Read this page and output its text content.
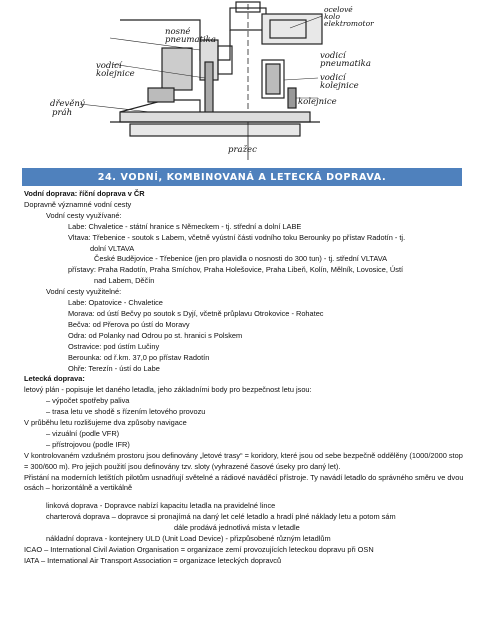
nosné pneumatika
vodicí kolejnice
dřevěný práh
ocelové kolo elektromotor
vodicí pneumatika
vodicí kolejnice
kolejnice
pražec
24. VODNÍ, KOMBINOVANÁ A LETECKÁ DOPRAVA.
Vodní doprava: říční doprava v ČR
Dopravně významné vodní cesty
Vodní cesty využívané:
Labe: Chvaletice - státní hranice s Německem - tj. střední a dolní LABE
Vltava: Třebenice - soutok s Labem, včetně vyústní části vodního toku Berounky po přístav Radotín - tj.
dolní VLTAVA
České Budějovice - Třebenice (jen pro plavidla o nosnosti do 300 tun) - tj. střední VLTAVA
přístavy: Praha Radotín, Praha Smíchov, Praha Holešovice, Praha Libeň, Kolín, Mělník, Lovosice, Ústí
nad Labem, Děčín
Vodní cesty využitelné:
Labe: Opatovice - Chvaletice
Morava: od ústí Bečvy po soutok s Dyjí, včetně průplavu Otrokovice - Rohatec
Bečva: od Přerova po ústí do Moravy
Odra: od Polanky nad Odrou po st. hranici s Polskem
Ostravice: pod ústím Lučiny
Berounka: od ř.km. 37,0 po přístav Radotín
Ohře: Terezín - ústí do Labe
Letecká doprava:
letový plán - popisuje let daného letadla, jeho základními body pro bezpečnost letu jsou:
– výpočet spotřeby paliva
– trasa letu ve shodě s řízením letového provozu
V průběhu letu rozlišujeme dva způsoby navigace
– vizuální (podle VFR)
– přístrojovou (podle IFR)
V kontrolovaném vzdušném prostoru jsou definovány „letové trasy“ = koridory, které jsou od sebe bezpečně oddělěny (1000/2000 stop = 300/600 m). Pro jejich použití jsou definovány tzv. sloty (vyhrazené časové úseky pro daný let).
Přistání na moderních letištích pilotům usnadňují světelné a rádiové naváděcí přístroje. Ty navádí letadlo do správného směru ve dvou osách – horizontálně a vertikálně
linková doprava - Dopravce nabízí kapacitu letadla na pravidelné lince
charterová doprava – dopravce si pronajímá na daný let celé letadlo a hradí plné náklady letu a potom sám
dále prodává jednotlivá místa v letadle
nákladní doprava - kontejnery ULD (Unit Load Device) - přizpůsobené různým letadlům
ICAO – International Civil Aviation Organisation = organizace zemí provozujících leteckou dopravu při OSN
IATA – International Air Transport Association = organizace leteckých dopravců
